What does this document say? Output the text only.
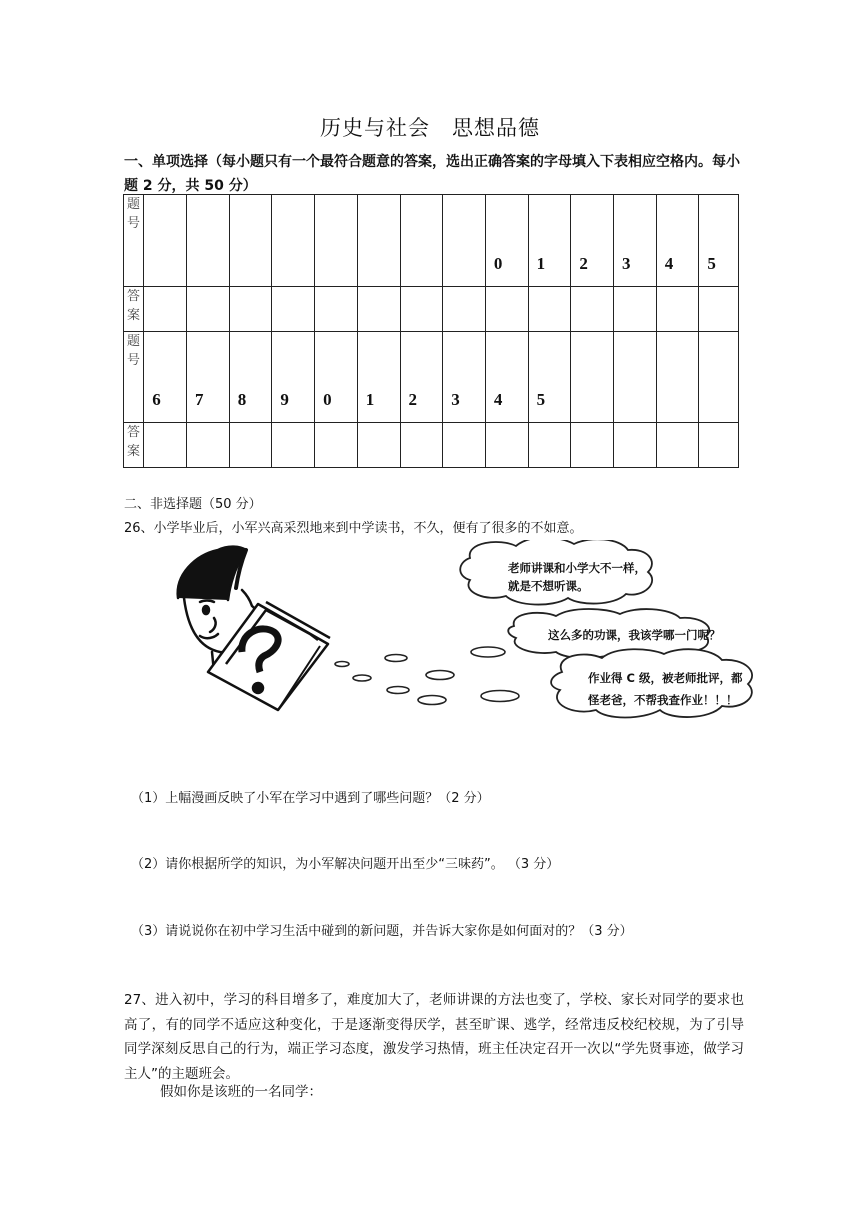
历史与社会　思想品德
一、单项选择（每小题只有一个最符合题意的答案，选出正确答案的字母填入下表相应空格内。每小题 2 分，共 50 分）
题号									0	1	2	3	4	5
答案														
题号	6	7	8	9	0	1	2	3	4	5				
答案														
二、非选择题（50 分）
26、小学毕业后，小军兴高采烈地来到中学读书，不久，便有了很多的不如意。
老师讲课和小学大不一样，
就是不想听课。
这么多的功课，我该学哪一门呢？
作业得 C 级，被老师批评，都
怪老爸，不帮我查作业！！！
（1）上幅漫画反映了小军在学习中遇到了哪些问题？（2 分）
（2）请你根据所学的知识，为小军解决问题开出至少“三味药”。 （3 分）
（3）请说说你在初中学习生活中碰到的新问题，并告诉大家你是如何面对的？（3 分）
27、进入初中，学习的科目增多了，难度加大了，老师讲课的方法也变了，学校、家长对同学的要求也高了，有的同学不适应这种变化，于是逐渐变得厌学，甚至旷课、逃学，经常违反校纪校规，为了引导同学深刻反思自己的行为，端正学习态度，激发学习热情，班主任决定召开一次以“学先贤事迹，做学习主人”的主题班会。
假如你是该班的一名同学：
